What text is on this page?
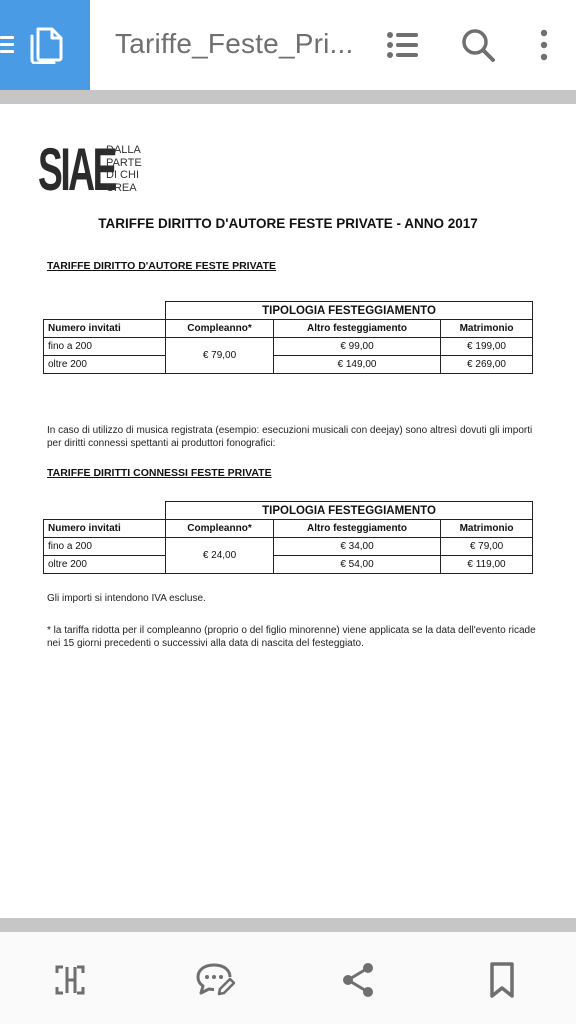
Tariffe_Feste_Pri...
SIAE
DALLA
PARTE
DI CHI
CREA
TARIFFE DIRITTO D'AUTORE FESTE PRIVATE - ANNO 2017
TARIFFE DIRITTO D'AUTORE FESTE PRIVATE
	TIPOLOGIA FESTEGGIAMENTO		
Numero invitati	Compleanno*	Altro festeggiamento	Matrimonio
fino a 200	€ 79,00	€ 99,00	€ 199,00
oltre 200		€ 149,00	€ 269,00
In caso di utilizzo di musica registrata (esempio: esecuzioni musicali con deejay) sono altresì dovuti gli importi per diritti connessi spettanti ai produttori fonografici:
TARIFFE DIRITTI CONNESSI FESTE PRIVATE
	TIPOLOGIA FESTEGGIAMENTO		
Numero invitati	Compleanno*	Altro festeggiamento	Matrimonio
fino a 200	€ 24,00	€ 34,00	€ 79,00
oltre 200		€ 54,00	€ 119,00
Gli importi si intendono IVA escluse.
* la tariffa ridotta per il compleanno (proprio o del figlio minorenne) viene applicata se la data dell'evento ricade nei 15 giorni precedenti o successivi alla data di nascita del festeggiato.
